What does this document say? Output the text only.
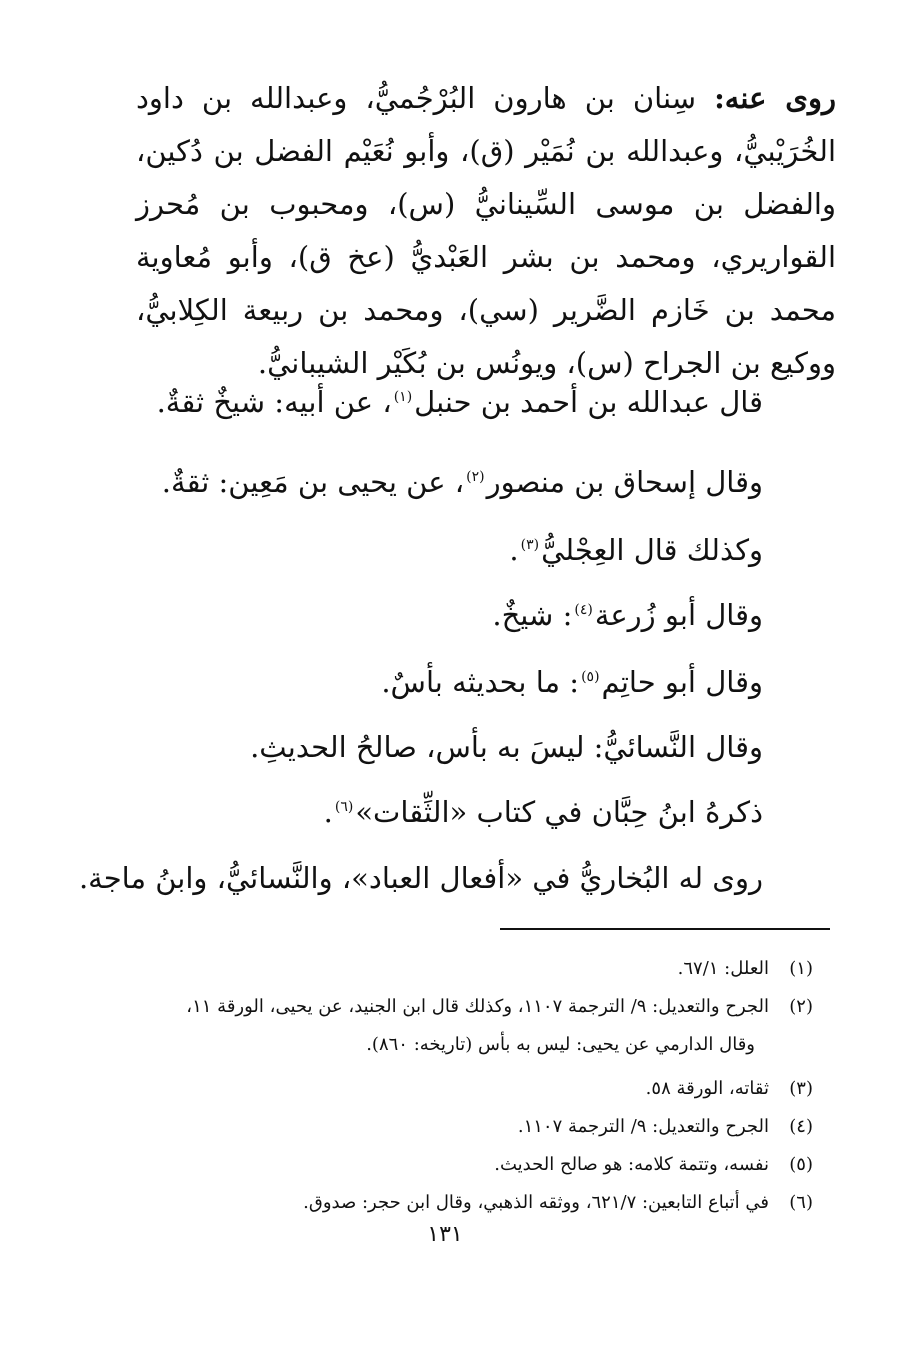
روى عنه: سِنان بن هارون البُرْجُميُّ، وعبدالله بن داود الخُرَيْبيُّ، وعبدالله بن نُمَيْر (ق)، وأبو نُعَيْم الفضل بن دُكين، والفضل بن موسى السِّينانيُّ (س)، ومحبوب بن مُحرز القواريري، ومحمد بن بشر العَبْديُّ (عخ ق)، وأبو مُعاوية محمد بن خَازم الضَّرير (سي)، ومحمد بن ربيعة الكِلابيُّ، ووكيع بن الجراح (س)، ويونُس بن بُكَيْر الشيبانيُّ.

قال عبدالله بن أحمد بن حنبل$^{(١)}$، عن أبيه: شيخٌ ثقةٌ.
وقال إسحاق بن منصور$^{(٢)}$، عن يحيى بن مَعِين: ثقةٌ.
وكذلك قال العِجْليُّ$^{(٣)}$.
وقال أبو زُرعة$^{(٤)}$: شيخٌ.
وقال أبو حاتِم$^{(٥)}$: ما بحديثه بأسٌ.
وقال النَّسائيُّ: ليسَ به بأس، صالحُ الحديثِ.
ذكرهُ ابنُ حِبَّان في كتاب «الثِّقات»$^{(٦)}$.
روى له البُخاريُّ في «أفعال العباد»، والنَّسائيُّ، وابنُ ماجة.
(١)العلل: ٦٧/١.
(٢)الجرح والتعديل: ٩/ الترجمة ١١٠٧، وكذلك قال ابن الجنيد، عن يحيى، الورقة ١١،
وقال الدارمي عن يحيى: ليس به بأس (تاريخه: ٨٦٠).
(٣)ثقاته، الورقة ٥٨.
(٤)الجرح والتعديل: ٩/ الترجمة ١١٠٧.
(٥)نفسه، وتتمة كلامه: هو صالح الحديث.
(٦)في أتباع التابعين: ٦٢١/٧، ووثقه الذهبي، وقال ابن حجر: صدوق.
١٣١
